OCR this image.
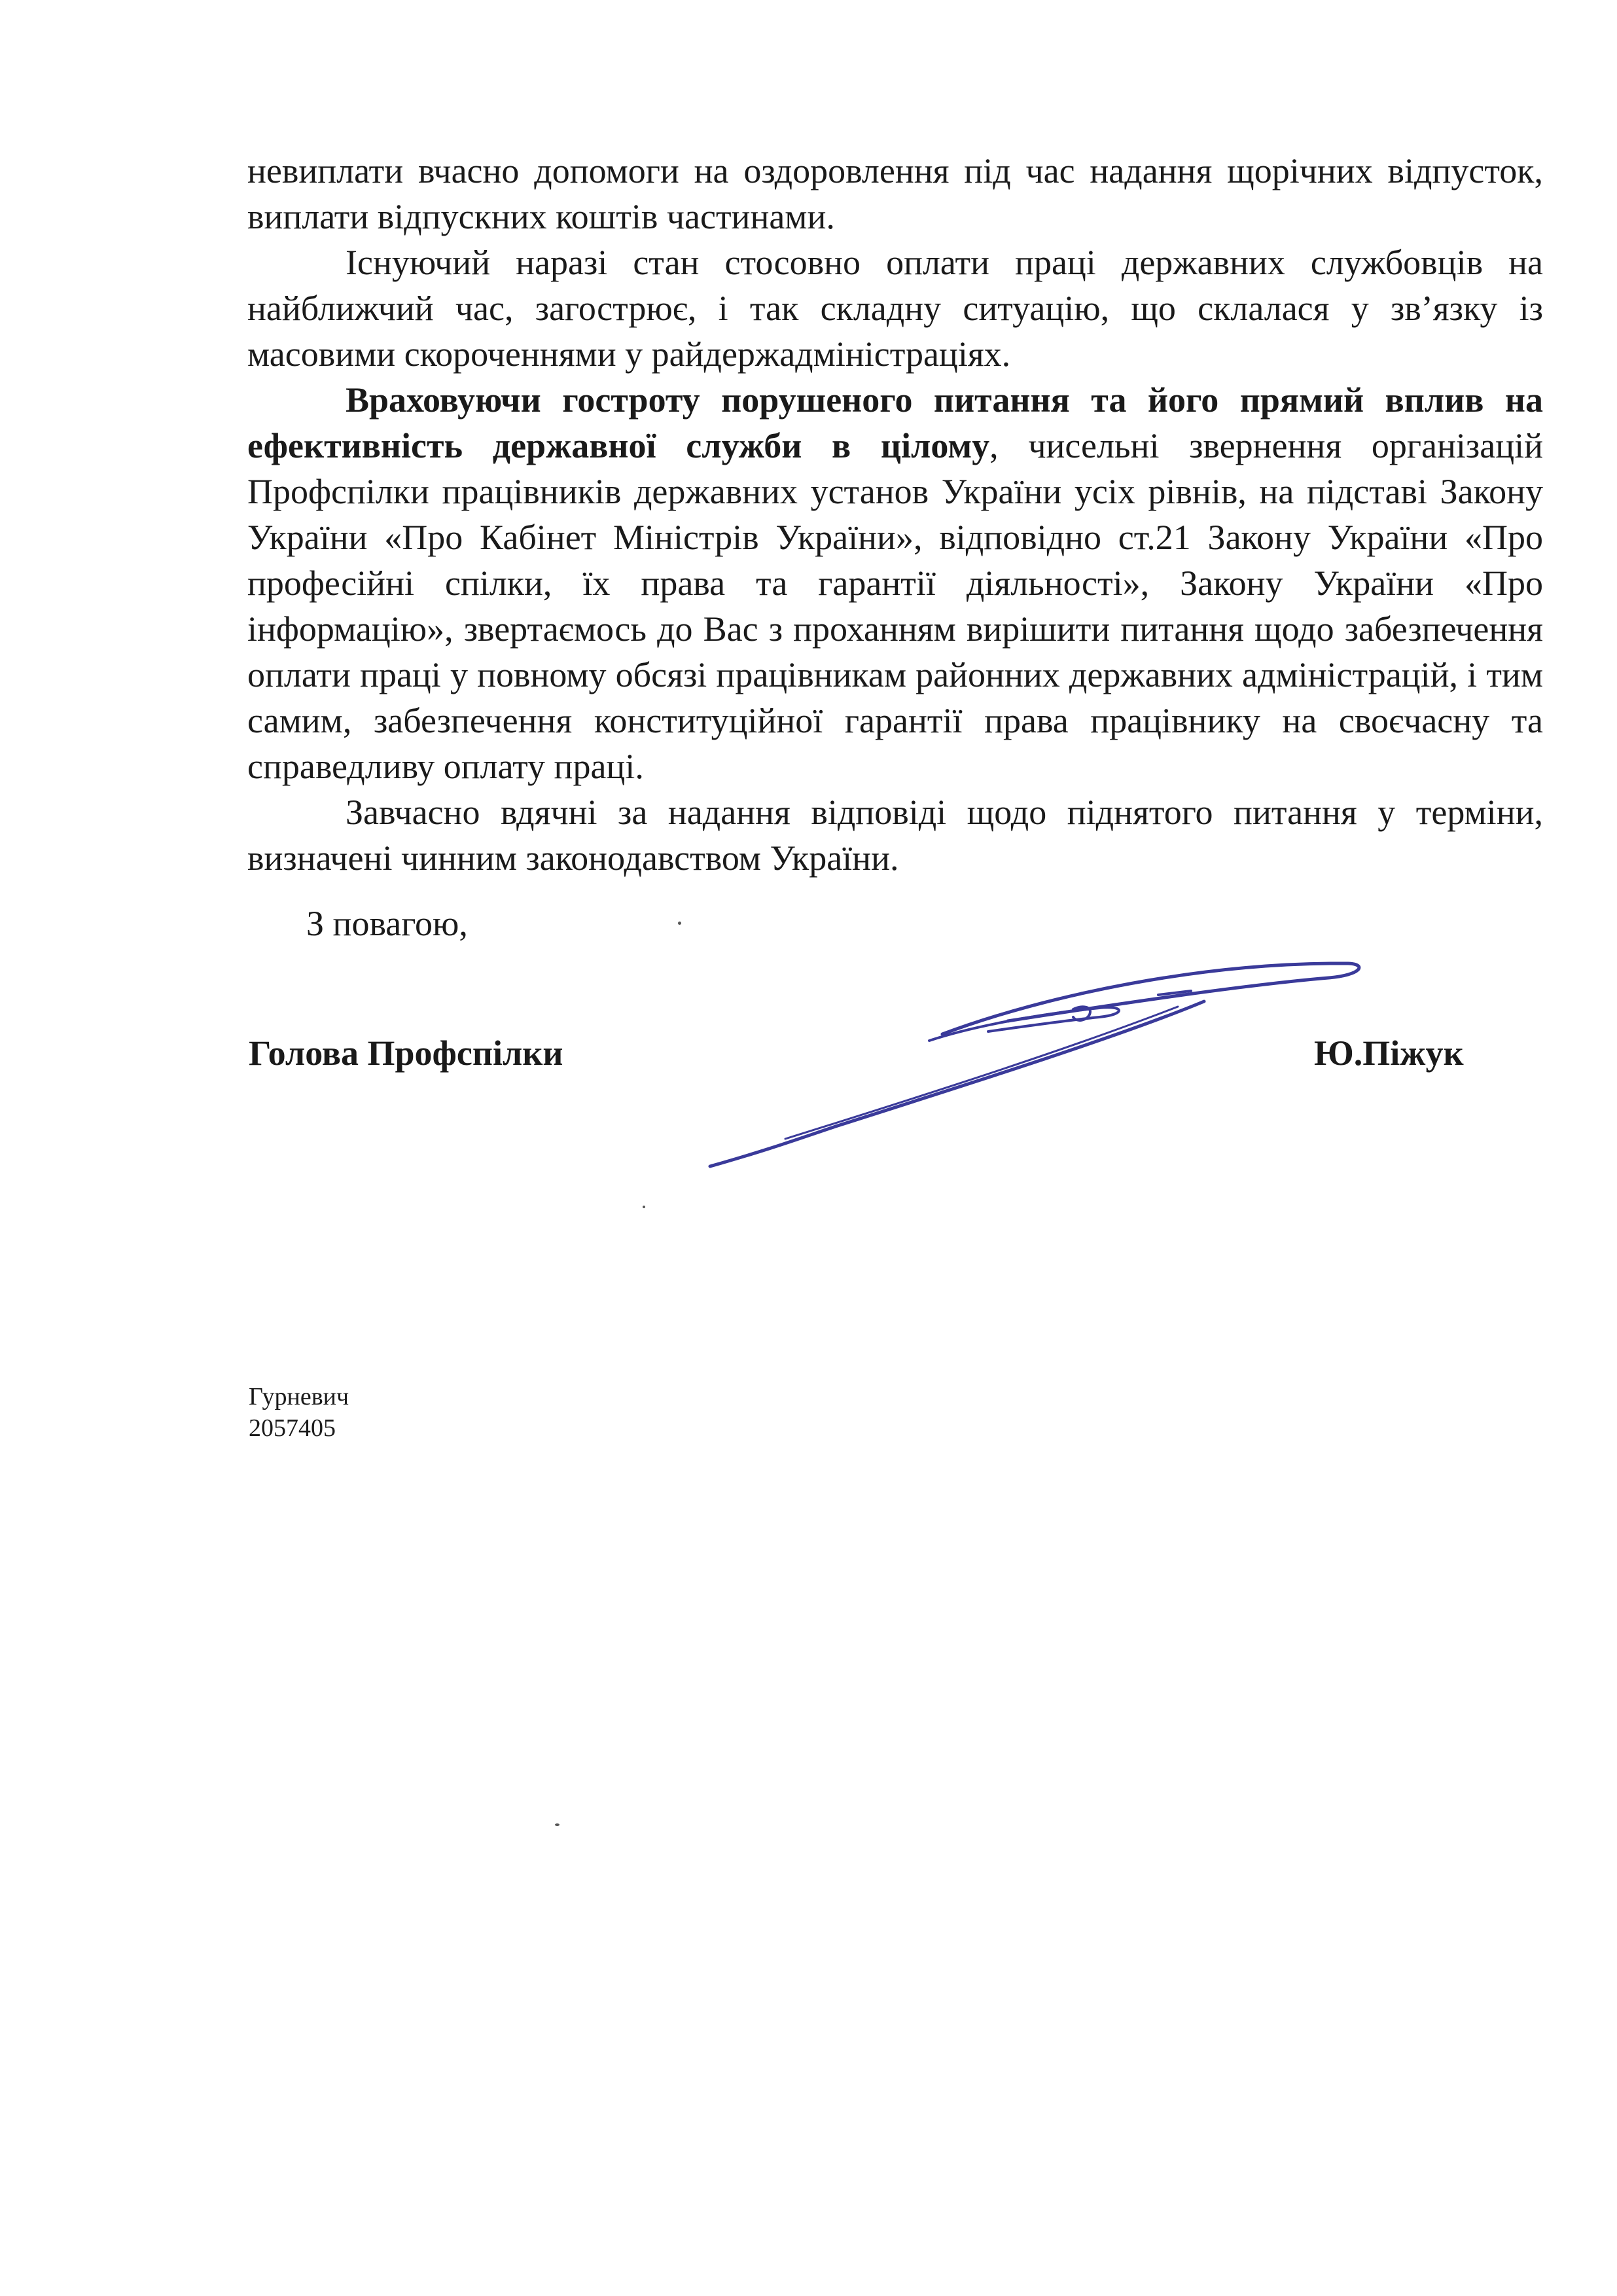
невиплати вчасно допомоги на оздоровлення під час надання щорічних відпусток, виплати відпускних коштів частинами.

Існуючий наразі стан стосовно оплати праці державних службовців на найближчий час, загострює, і так складну ситуацію, що склалася у зв’язку із масовими скороченнями у райдержадміністраціях.

Враховуючи гостроту порушеного питання та його прямий вплив на ефективність державної служби в цілому, чисельні звернення організацій Профспілки працівників державних установ України усіх рівнів, на підставі Закону України «Про Кабінет Міністрів України», відповідно ст.21 Закону України «Про професійні спілки, їх права та гарантії діяльності», Закону України «Про інформацію», звертаємось до Вас з проханням вирішити питання щодо забезпечення оплати праці у повному обсязі працівникам районних державних адміністрацій, і тим самим, забезпечення конституційної гарантії права працівнику на своєчасну та справедливу оплату праці.

Завчасно вдячні за надання відповіді щодо піднятого питання у терміни, визначені чинним законодавством України.

З повагою,
Голова Профспілки	Ю.Піжук
Гурневич
2057405
